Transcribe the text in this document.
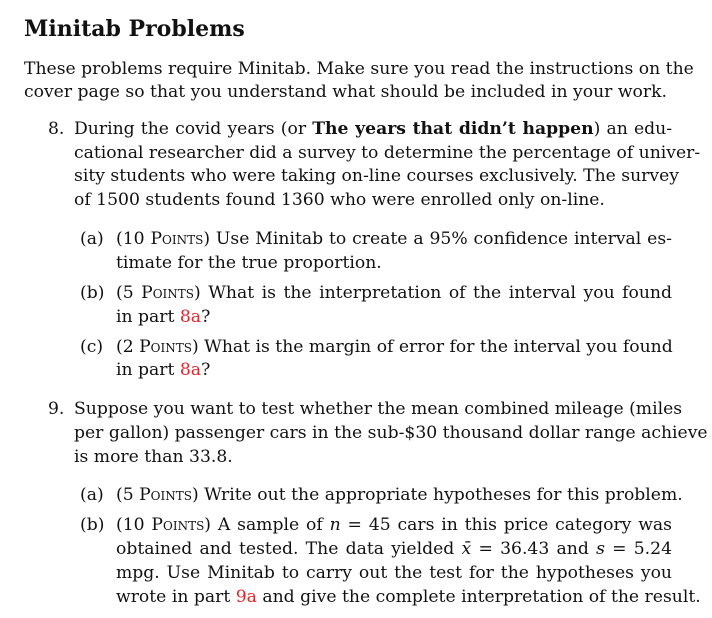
Minitab Problems
These problems require Minitab. Make sure you read the instructions on the
cover page so that you understand what should be included in your work.
8. During the covid years (or The years that didn’t happen) an edu-
cational researcher did a survey to determine the percentage of univer-
sity students who were taking on-line courses exclusively. The survey
of 1500 students found 1360 who were enrolled only on-line.
(a) (10 Points) Use Minitab to create a 95% confidence interval es-
timate for the true proportion.
(b) (5 Points) What is the interpretation of the interval you found
in part 8a?
(c) (2 Points) What is the margin of error for the interval you found
in part 8a?
9. Suppose you want to test whether the mean combined mileage (miles
per gallon) passenger cars in the sub-$30 thousand dollar range achieve
is more than 33.8.
(a) (5 Points) Write out the appropriate hypotheses for this problem.
(b) (10 Points) A sample of n = 45 cars in this price category was
obtained and tested. The data yielded x̄ = 36.43 and s = 5.24
mpg. Use Minitab to carry out the test for the hypotheses you
wrote in part 9a and give the complete interpretation of the result.
